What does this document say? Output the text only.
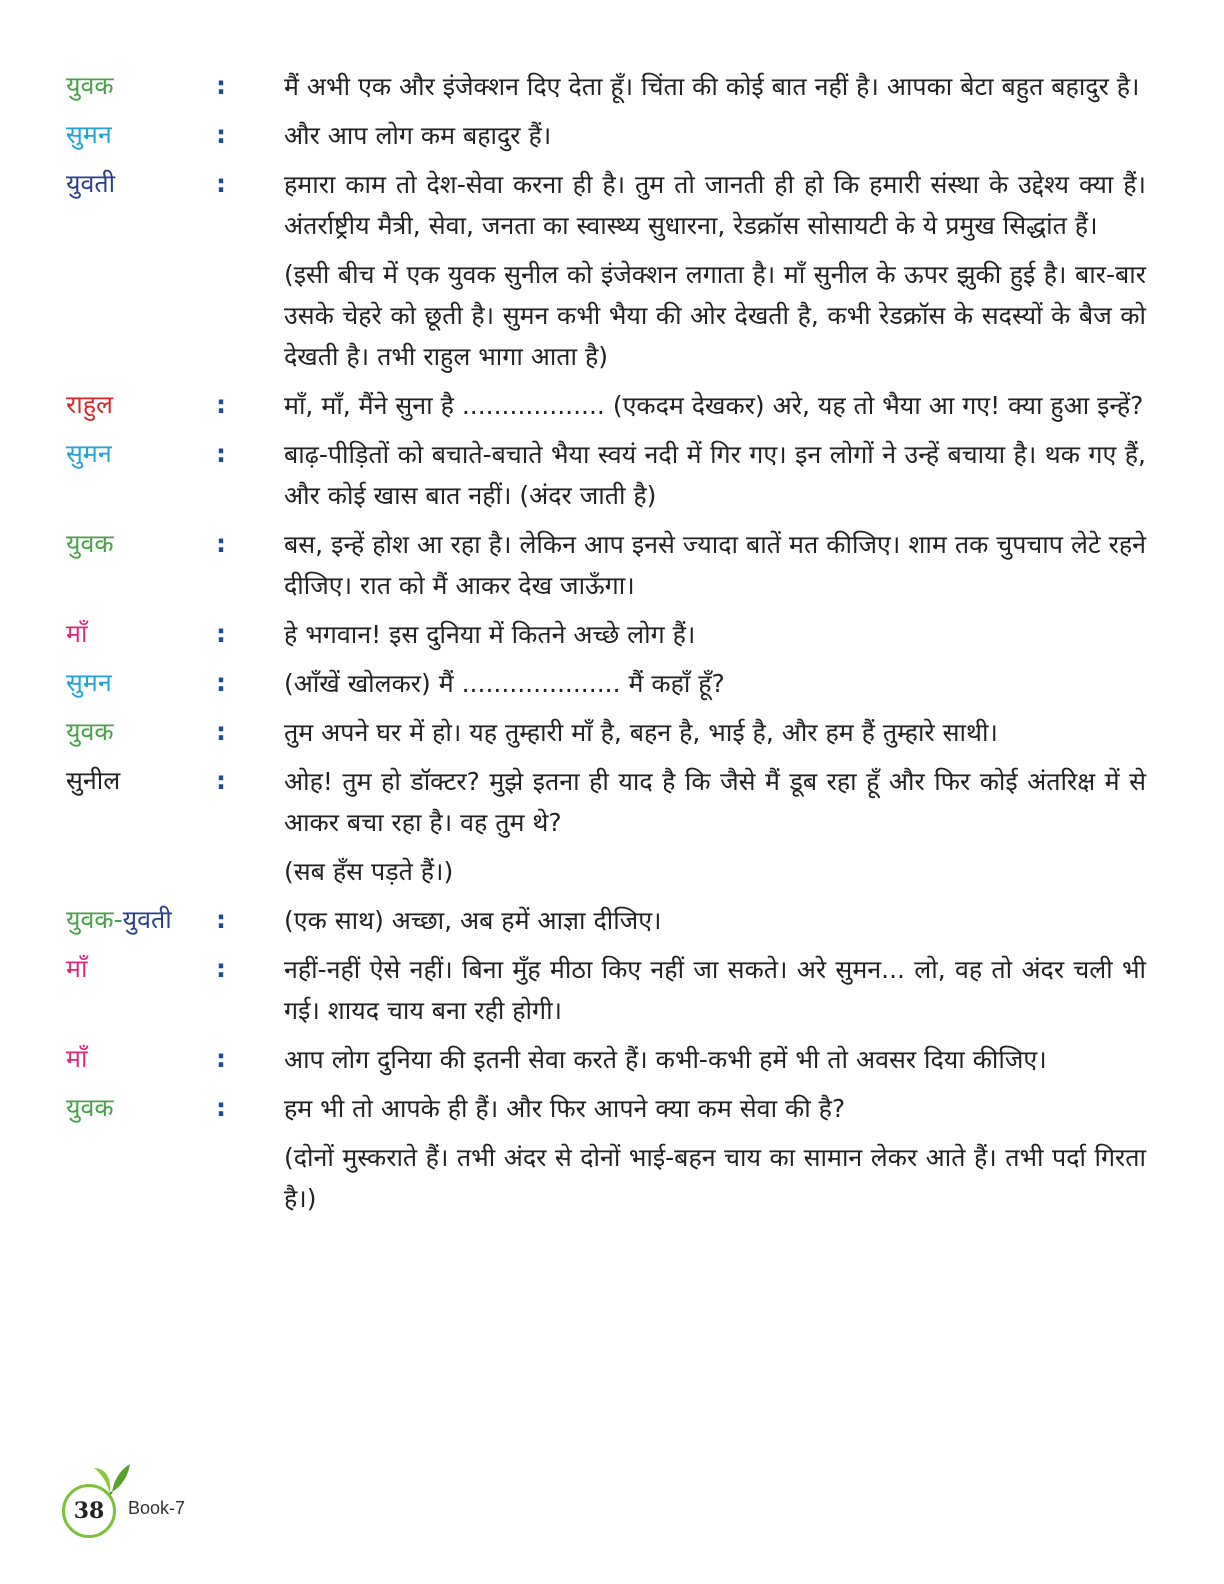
युवक	:	मैं अभी एक और इंजेक्शन दिए देता हूँ। चिंता की कोई बात नहीं है। आपका बेटा बहुत बहादुर है।
सुमन	:	और आप लोग कम बहादुर हैं।
युवती	:	हमारा काम तो देश-सेवा करना ही है। तुम तो जानती ही हो कि हमारी संस्था के उद्देश्य क्या हैं। अंतर्राष्ट्रीय मैत्री, सेवा, जनता का स्वास्थ्य सुधारना, रेडक्रॉस सोसायटी के ये प्रमुख सिद्धांत हैं।
(इसी बीच में एक युवक सुनील को इंजेक्शन लगाता है। माँ सुनील के ऊपर झुकी हुई है। बार-बार उसके चेहरे को छूती है। सुमन कभी भैया की ओर देखती है, कभी रेडक्रॉस के सदस्यों के बैज को देखती है। तभी राहुल भागा आता है)
राहुल	:	माँ, माँ, मैंने सुना है .................. (एकदम देखकर) अरे, यह तो भैया आ गए! क्या हुआ इन्हें?
सुमन	:	बाढ़-पीड़ितों को बचाते-बचाते भैया स्वयं नदी में गिर गए। इन लोगों ने उन्हें बचाया है। थक गए हैं, और कोई खास बात नहीं। (अंदर जाती है)
युवक	:	बस, इन्हें होश आ रहा है। लेकिन आप इनसे ज्यादा बातें मत कीजिए। शाम तक चुपचाप लेटे रहने दीजिए। रात को मैं आकर देख जाऊँगा।
माँ	:	हे भगवान! इस दुनिया में कितने अच्छे लोग हैं।
सुमन	:	(आँखें खोलकर) मैं .................... मैं कहाँ हूँ?
युवक	:	तुम अपने घर में हो। यह तुम्हारी माँ है, बहन है, भाई है, और हम हैं तुम्हारे साथी।
सुनील	:	ओह! तुम हो डॉक्टर? मुझे इतना ही याद है कि जैसे मैं डूब रहा हूँ और फिर कोई अंतरिक्ष में से आकर बचा रहा है। वह तुम थे?
(सब हँस पड़ते हैं।)
युवक-युवती	:	(एक साथ) अच्छा, अब हमें आज्ञा दीजिए।
माँ	:	नहीं-नहीं ऐसे नहीं। बिना मुँह मीठा किए नहीं जा सकते। अरे सुमन... लो, वह तो अंदर चली भी गई। शायद चाय बना रही होगी।
माँ	:	आप लोग दुनिया की इतनी सेवा करते हैं। कभी-कभी हमें भी तो अवसर दिया कीजिए।
युवक	:	हम भी तो आपके ही हैं। और फिर आपने क्या कम सेवा की है?
(दोनों मुस्कराते हैं। तभी अंदर से दोनों भाई-बहन चाय का सामान लेकर आते हैं। तभी पर्दा गिरता है।)
38	Book-7
